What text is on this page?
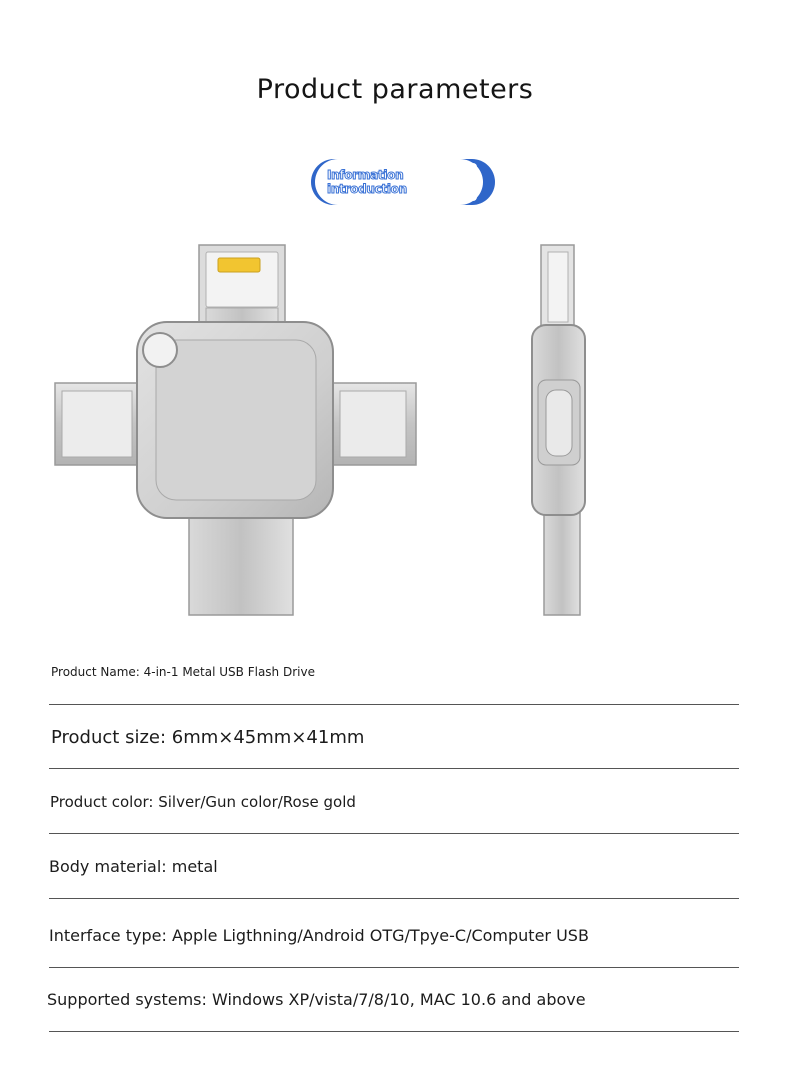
Product parameters
Information introduction
Product Name: 4-in-1 Metal USB Flash Drive
Product size: 6mm×45mm×41mm
Product color: Silver/Gun color/Rose gold
Body material: metal
Interface type: Apple Ligthning/Android OTG/Tpye-C/Computer USB
Supported systems: Windows XP/vista/7/8/10, MAC 10.6 and above
